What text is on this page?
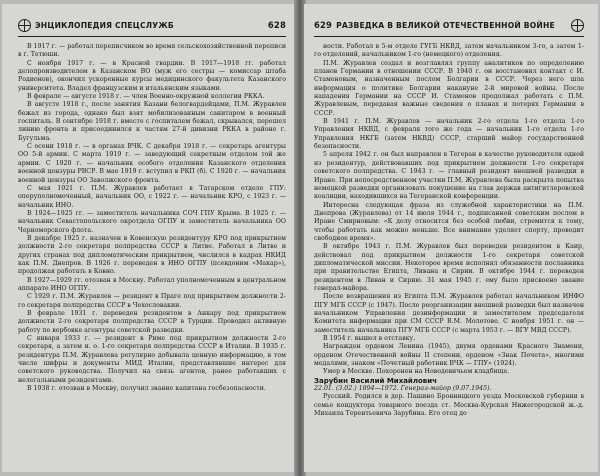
ЭНЦИКЛОПЕДИЯ СПЕЦСЛУЖБ	628

В 1917 г. — работал переписчиком во время сельскохозяйственной переписи в г. Тетюши.

С ноября 1917 г. — в Красной гвардии. В 1917—1918 гг. работал делопроизводителем в Казанском ВО (муж его сестры — комиссар штаба Родионов), окончил ускоренные курсы медицинского факультета Казанского университета. Владел французским и итальянским языками.

В феврале — августе 1918 г. — член Военно-окружной коллегии РККА.

В августе 1918 г., после занятия Казани белогвардейцами, П.М. Журавлев бежал из города, однако был взят мобилизованным санитаром в военный госпиталь. В сентябре 1918 г. вместе с госпиталем бежал, скрывался, перешел линию фронта и присоединился к частям 27-й дивизии РККА в районе г. Бугульма.

С осени 1918 г. — в органах ВЧК. С декабря 1918 г. — секретарь агентуры ОО 5-й армии. С марта 1919 г. — заведующий секретным отделом той же армии. С 1920 г. — начальник особого отделения Казанского отделения военной цензуры РВСР. В мае 1919 г. вступил в РКП (б). С 1920 г. — начальник военной цензуры ОО Заволжского фронта.

С мая 1921 г. П.М. Журавлев работает в Татарском отделе ГПУ: оперуполномоченный, начальник ОО, с 1922 г. — начальник КРО, с 1923 г. — начальник ИНО.

В 1924—1925 гг. — заместитель начальника СОЧ ГПУ Крыма. В 1925 г. — начальник Севастопольского окротдела ОГПУ и заместитель начальника ОО Черноморского флота.

В декабре 1925 г. назначен в Ковенскую резидентуру КРО под прикрытием должности 2-го секретаря полпредства СССР в Литве. Работал в Литве и других странах под дипломатическим прикрытием, числился в кадрах НКИД как П.М. Днепров. В 1926 г. переведен в ИНО ОГПУ (псевдоним «Макар»), продолжая работать в Ковно.

В 1927—1929 гг. отозван в Москву. Работал уполномоченным в центральном аппарате ИНО ОГПУ.

С 1929 г. П.М. Журавлев — резидент в Праге под прикрытием должности 2-го секретаря полпредства СССР в Чехословакии.

В феврале 1931 г. переведен резидентом в Анкару под прикрытием должности 2-го секретаря полпредства СССР в Турции. Проводил активную работу по вербовке агентуры советской разведки.

С января 1933 г. — резидент в Риме под прикрытием должности 2-го секретаря, а затем и. о. 1-го секретаря полпредства СССР в Италии. В 1935 г. резидентура П.М. Журавлева регулярно добывала ценную информацию, в том числе шифры и документы МИД Италии, представлявшие интерес для советского руководства. Получил на связь агентов, ранее работавших с нелегальными резидентами.

В 1938 г. отозван в Москву, получил звание капитана госбезопасности.

629 РАЗВЕДКА В ВЕЛИКОЙ ОТЕЧЕСТВЕННОЙ ВОЙНЕ

ности. Работал в 5-м отделе ГУГБ НКВД, затем начальником 3-го, а затем 1-го отделений, начальником 1-го (немецкого) отделения.

П.М. Журавлев создал и возглавлял группу аналитиков по определению планов Германии в отношении СССР. В 1940 г. он восстановил контакт с И. Стаменовым, назначенным послом Болгарии в СССР. Через него шла информация о политике Болгарии накануне 2-й мировой войны. После нападения Германии на СССР И. Стаменов продолжал работать с П.М. Журавлевым, передавая важные сведения о планах и потерях Германии в СССР.

В 1941 г. П.М. Журавлев — начальник 2-го отдела 1-го отдела 1-го Управления НКВД, с февраля того же года — начальник 1-го отдела 1-го Управления НКГБ (затем НКВД) СССР, старший майор государственной безопасности.

5 апреля 1942 г. он был направлен в Тегеран в качестве руководителя одной из резидентур, действовавших под прикрытием должности 1-го секретаря советского полпредства. С 1943 г. — главный резидент внешней разведки в Иране. При непосредственном участии П.М. Журавлева была раскрыта попытка немецкой разведки организовать покушение на глав держав антигитлеровской коалиции, находившихся на Тегеранской конференции.

Интересна следующая фраза из служебной характеристики на П.М. Днепрова (Журавлева) от 14 июля 1944 г., подписанной советским послом в Иране Смирновым: «К делу относится без особой любви, стремится к тому, чтобы работать как можно меньше. Все внимание уделяет спорту, проводит свободное время».

В октябре 1943 г. П.М. Журавлев был переведен резидентом в Каир, действовал под прикрытием должности 1-го секретаря советской дипломатической миссии. Некоторое время исполнял обязанности посланника при правительстве Египта, Ливана и Сирии. В октябре 1944 г. переведен резидентом в Ливан и Сирию. 31 мая 1945 г. ему было присвоено звание генерал-майора.

После возвращения из Египта П.М. Журавлев работал начальником ИНФО ПГУ МГБ СССР (с 1947). После реорганизации внешней разведки был назначен начальником Управления дезинформации и заместителем председателя Комитета информации при СМ СССР В.М. Молотове. С ноября 1951 г. он — заместитель начальника ПГУ МГБ СССР (с марта 1953 г. — ВГУ МВД СССР).

В 1954 г. вышел в отставку.

Награжден орденом Ленина (1945), двумя орденами Красного Знамени, орденом Отечественной войны II степени, орденом «Знак Почета», многими медалями, знаком «Почетный работник ВЧК — ГПУ» (1924).

Умер в Москве. Похоронен на Новодевичьем кладбище.

Зарубин Василий Михайлович

22.01. (3.02.) 1894—1972. Генерал-майор (9.07.1945).

Русский. Родился в дер. Пашино Бронницкого уезда Московской губернии в семье кондуктора товарного поезда ст. Москва-Курская Нижегородской ж.-д. Михаила Терентьевича Зарубина. Его отец до
